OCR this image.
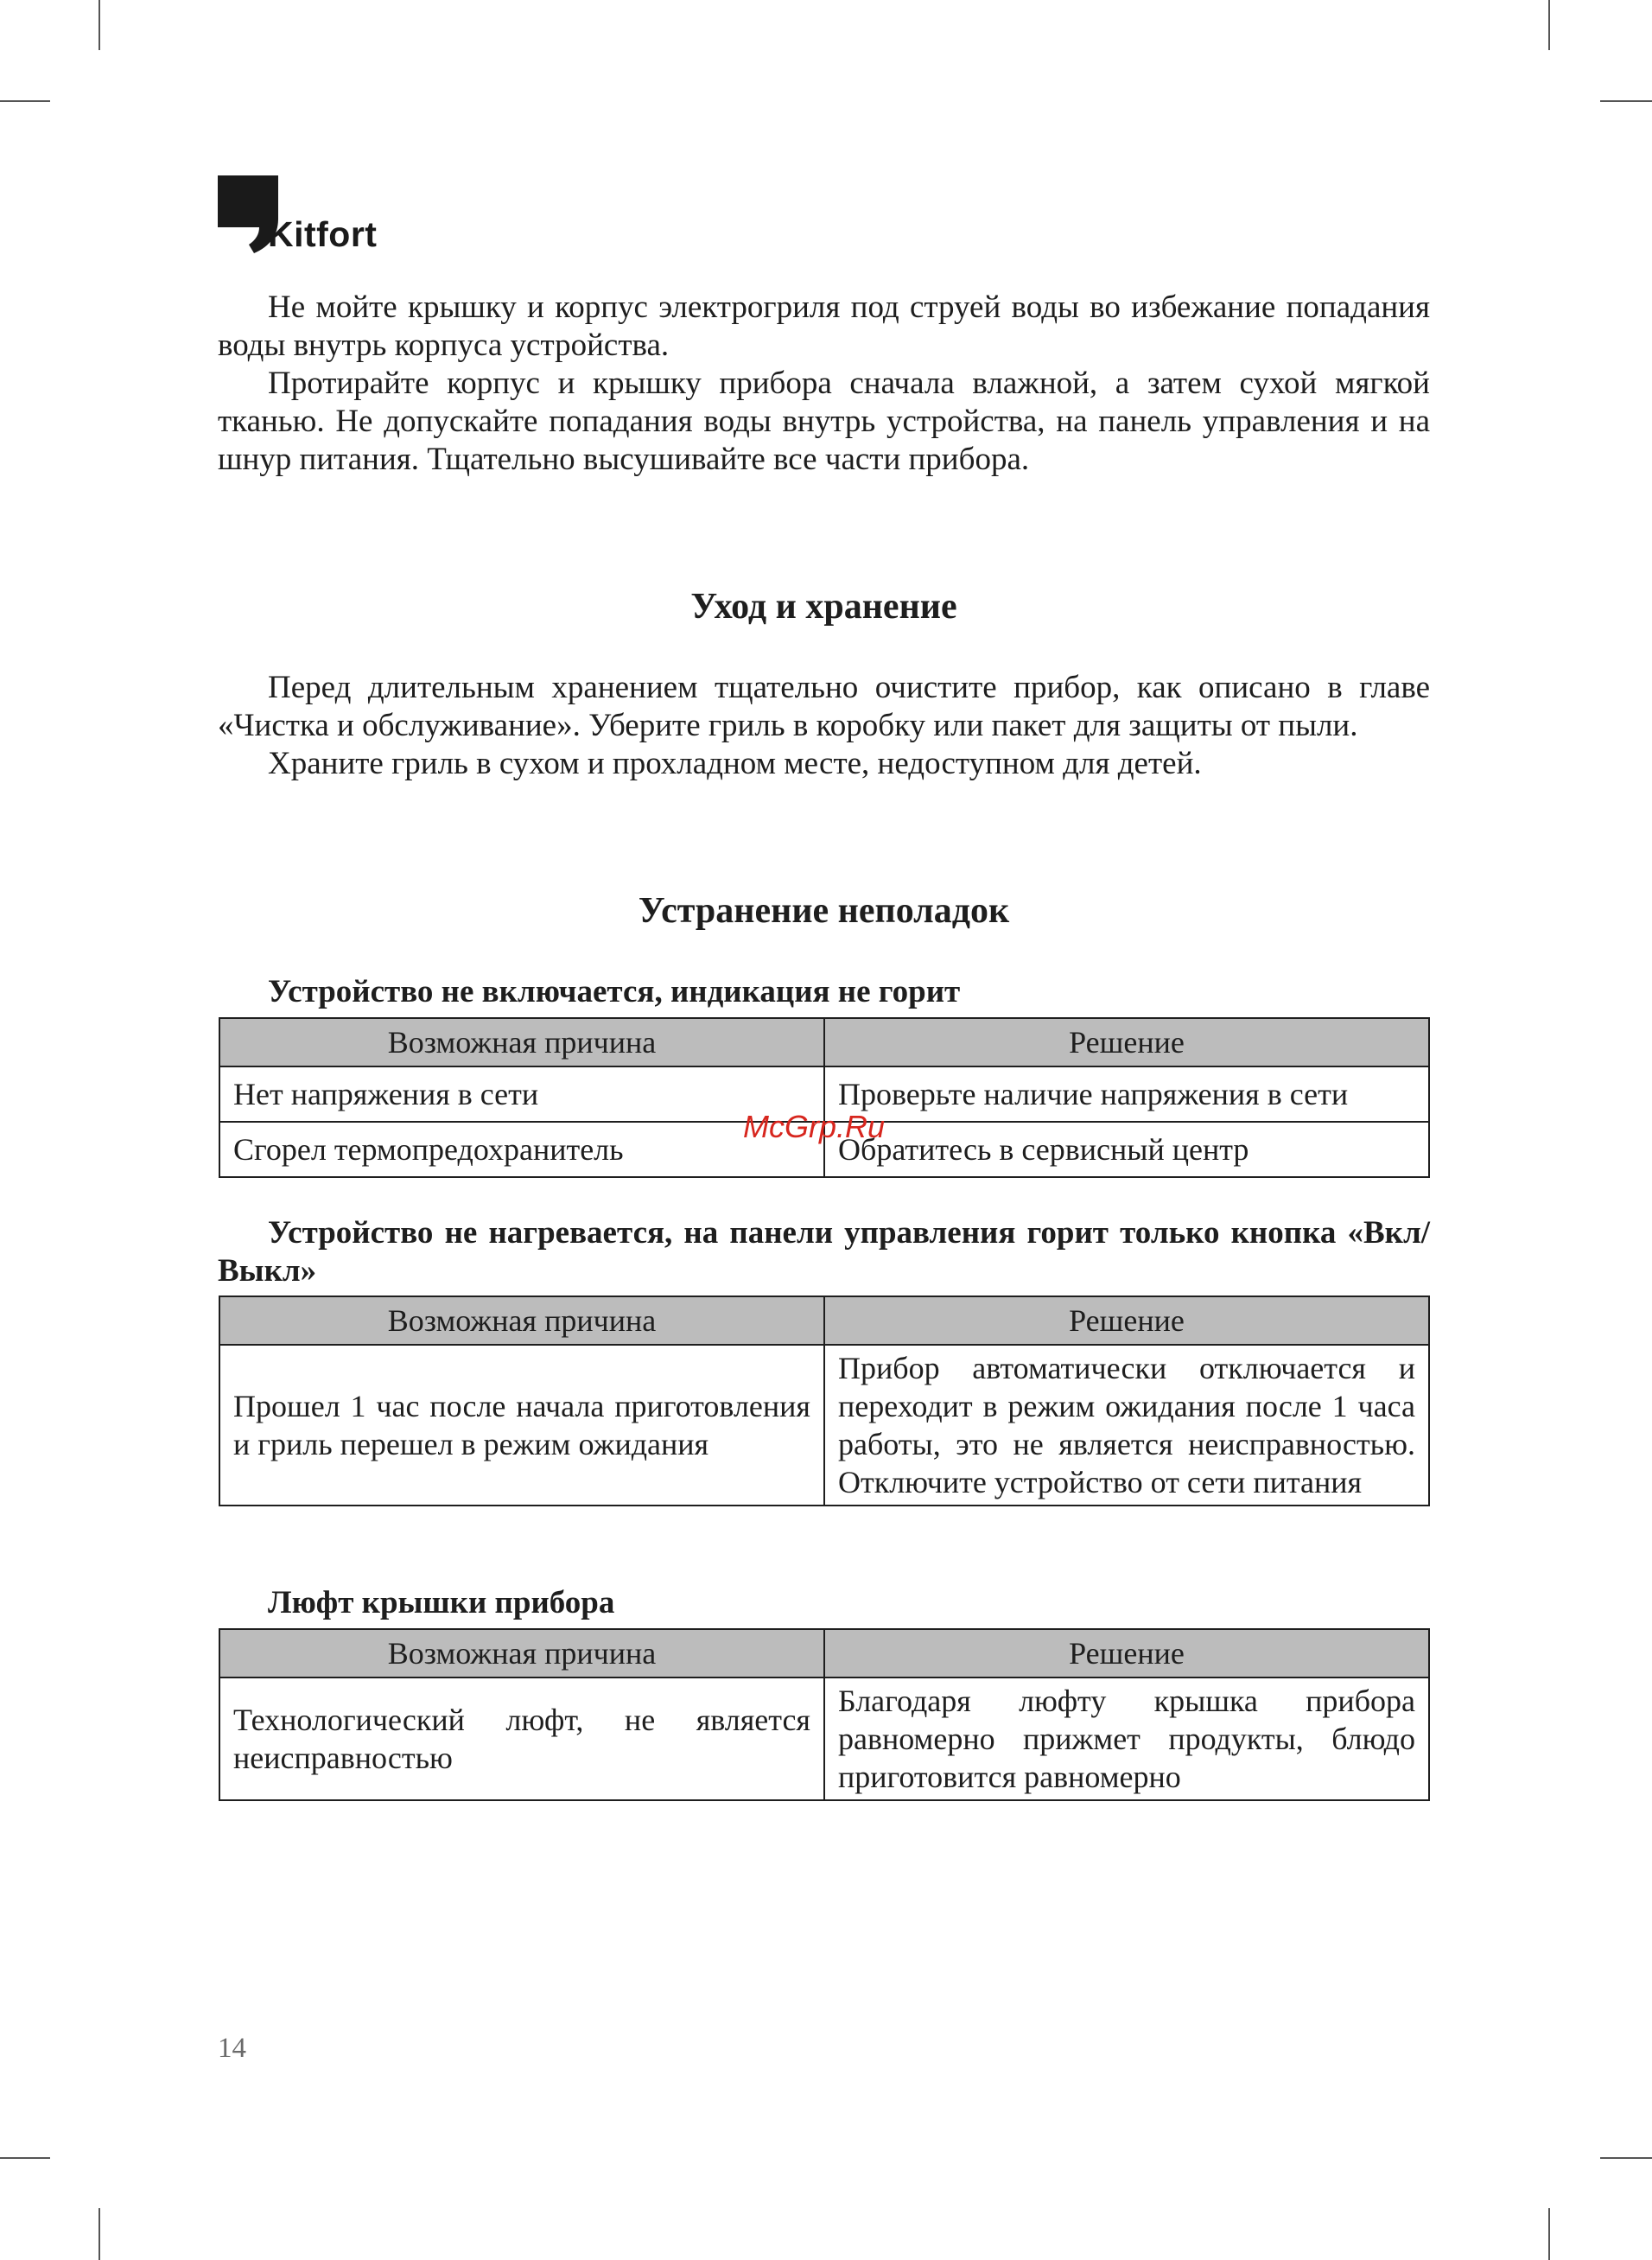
Kitfort

Не мойте крышку и корпус электрогриля под струей воды во избежание попадания воды внутрь корпуса устройства.

Протирайте корпус и крышку прибора сначала влажной, а затем сухой мягкой тканью. Не допускайте попадания воды внутрь устройства, на панель управления и на шнур питания. Тщательно высушивайте все части прибора.

Уход и хранение

Перед длительным хранением тщательно очистите прибор, как описано в главе «Чистка и обслуживание». Уберите гриль в коробку или пакет для защиты от пыли.

Храните гриль в сухом и прохладном месте, недоступном для детей.

Устранение неполадок
Устройство не включается, индикация не горит
Возможная причина	Решение
Нет напряжения в сети	Проверьте наличие напряжения в сети
Сгорел термопредохранитель	Обратитесь в сервисный центр
McGrp.Ru
Устройство не нагревается, на панели управления горит только кнопка «Вкл/Выкл»
Возможная причина	Решение
Прошел 1 час после начала приготовления и гриль перешел в режим ожидания	Прибор автоматически отключается и переходит в режим ожидания после 1 часа работы, это не является неисправностью. Отключите устройство от сети питания
Люфт крышки прибора
Возможная причина	Решение
Технологический люфт, не является неисправностью	Благодаря люфту крышка прибора равномерно прижмет продукты, блюдо приготовится равномерно
14
